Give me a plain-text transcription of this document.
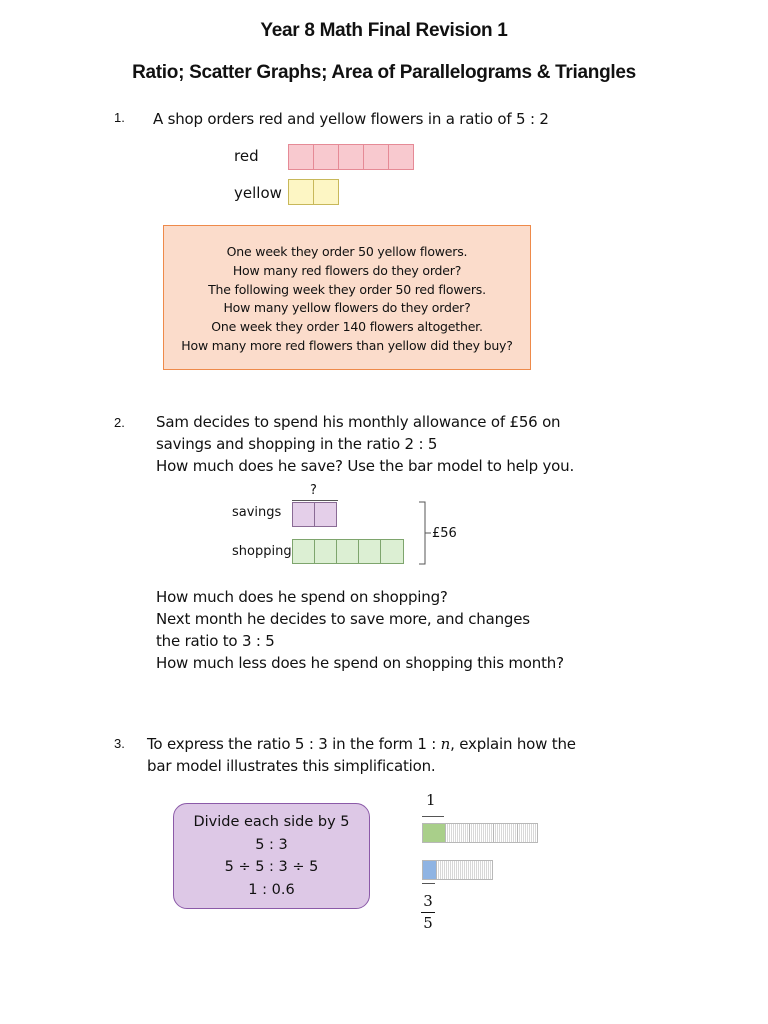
Year 8 Math Final Revision 1
Ratio; Scatter Graphs; Area of Parallelograms & Triangles
1. A shop orders red and yellow flowers in a ratio of 5 : 2
red
yellow
One week they order 50 yellow flowers.
How many red flowers do they order?
The following week they order 50 red flowers.
How many yellow flowers do they order?
One week they order 140 flowers altogether.
How many more red flowers than yellow did they buy?
2. Sam decides to spend his monthly allowance of £56 on
savings and shopping in the ratio 2 : 5
How much does he save? Use the bar model to help you.
?
savings
shopping
£56
How much does he spend on shopping?
Next month he decides to save more, and changes
the ratio to 3 : 5
How much less does he spend on shopping this month?
3. To express the ratio 5 : 3 in the form 1 : n, explain how the
bar model illustrates this simplification.
Divide each side by 5
5 : 3
5 ÷ 5 : 3 ÷ 5
1 : 0.6
1
3
5
